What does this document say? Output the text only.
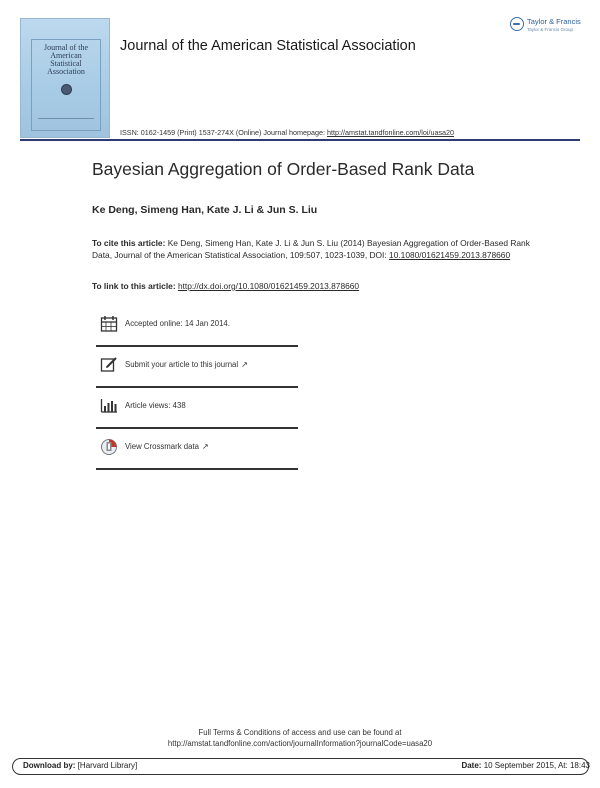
Journal of the
American
Statistical
Association
Journal of the American Statistical Association
ISSN: 0162-1459 (Print) 1537-274X (Online) Journal homepage: http://amstat.tandfonline.com/loi/uasa20
Taylor & Francis
Taylor & Francis Group
Bayesian Aggregation of Order-Based Rank Data
Ke Deng, Simeng Han, Kate J. Li & Jun S. Liu
To cite this article: Ke Deng, Simeng Han, Kate J. Li & Jun S. Liu (2014) Bayesian Aggregation of Order-Based Rank Data, Journal of the American Statistical Association, 109:507, 1023-1039, DOI: 10.1080/01621459.2013.878660
To link to this article: http://dx.doi.org/10.1080/01621459.2013.878660
Accepted online: 14 Jan 2014.
Submit your article to this journal ↗
Article views: 438
View Crossmark data ↗
Full Terms & Conditions of access and use can be found at
http://amstat.tandfonline.com/action/journalInformation?journalCode=uasa20
Download by: [Harvard Library]	Date: 10 September 2015, At: 18:43
